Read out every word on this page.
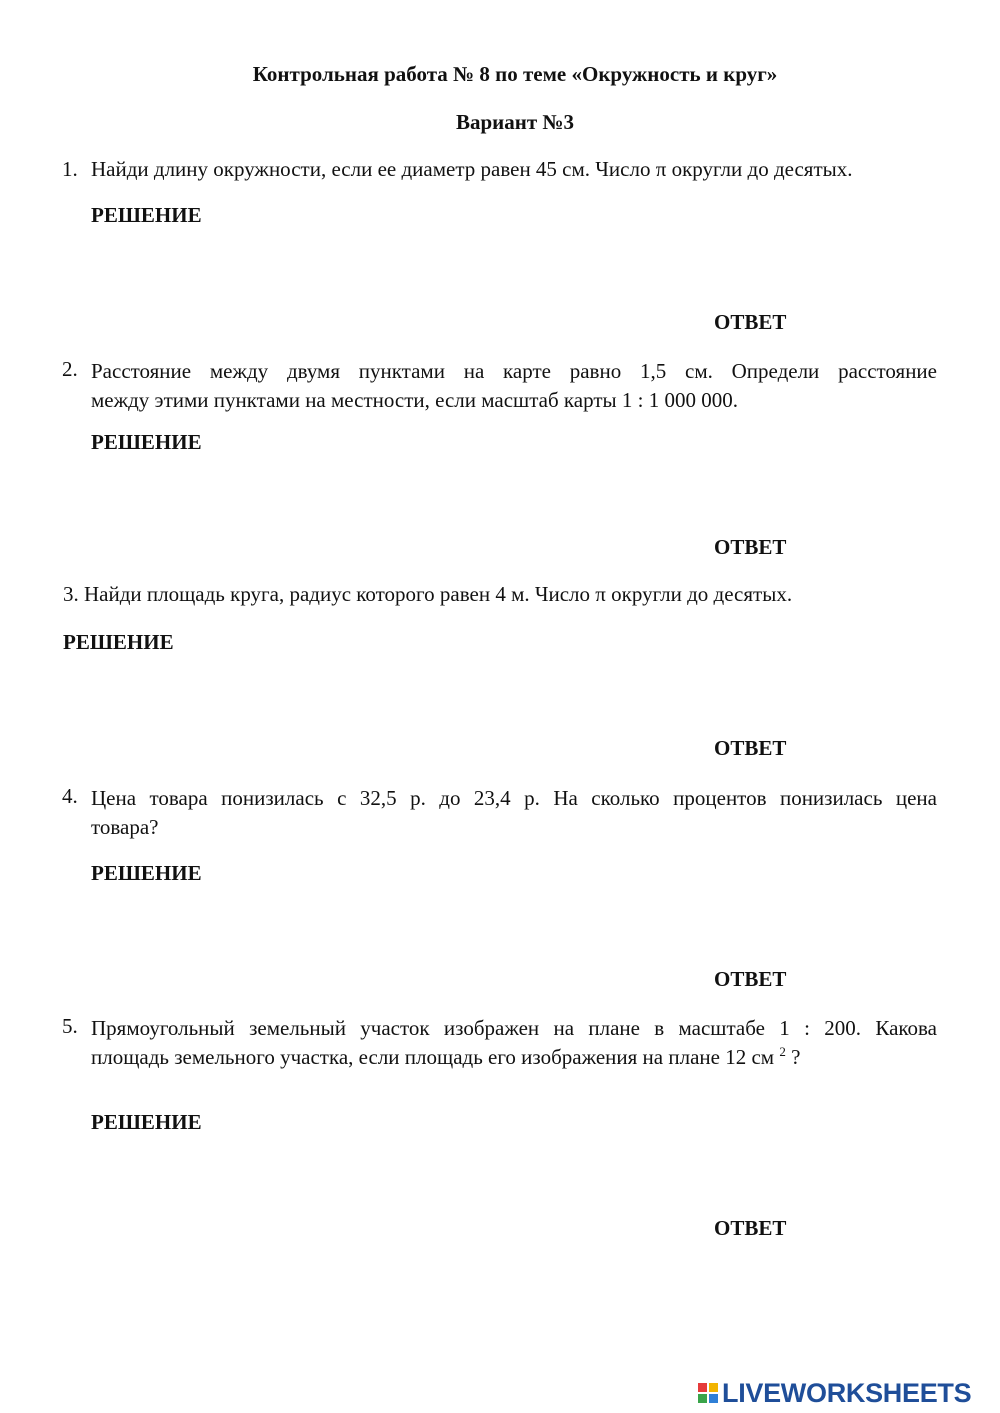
Контрольная работа № 8 по теме «Окружность и круг»
Вариант №3
1. Найди длину окружности, если ее диаметр равен 45 см. Число π округли до десятых.
РЕШЕНИЕ
ОТВЕТ
2. Расстояние между двумя пунктами на карте равно 1,5 см. Определи расстояние
между этими пунктами на местности, если масштаб карты 1 : 1 000 000.
РЕШЕНИЕ
ОТВЕТ
3. Найди площадь круга, радиус которого равен 4 м. Число π округли до десятых.
РЕШЕНИЕ
ОТВЕТ
4. Цена товара понизилась с 32,5 р. до 23,4 р. На сколько процентов понизилась цена
товара?
РЕШЕНИЕ
ОТВЕТ
5. Прямоугольный земельный участок изображен на плане в масштабе 1 : 200. Какова
площадь земельного участка, если площадь его изображения на плане 12 см $^2$ ?
РЕШЕНИЕ
ОТВЕТ
LIVEWORKSHEETS
